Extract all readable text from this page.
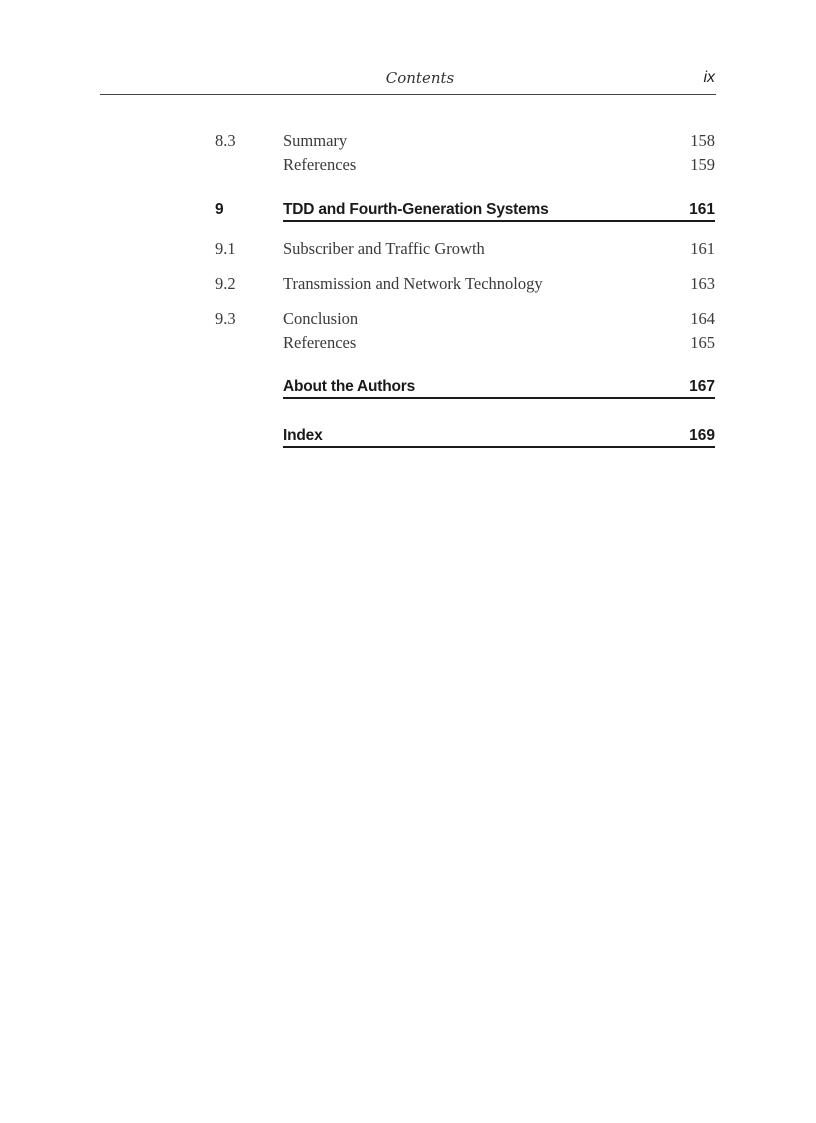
Contents	ix
8.3	Summary	158
References	159
9	TDD and Fourth-Generation Systems	161
9.1	Subscriber and Traffic Growth	161
9.2	Transmission and Network Technology	163
9.3	Conclusion	164
References	165
About the Authors	167
Index	169
